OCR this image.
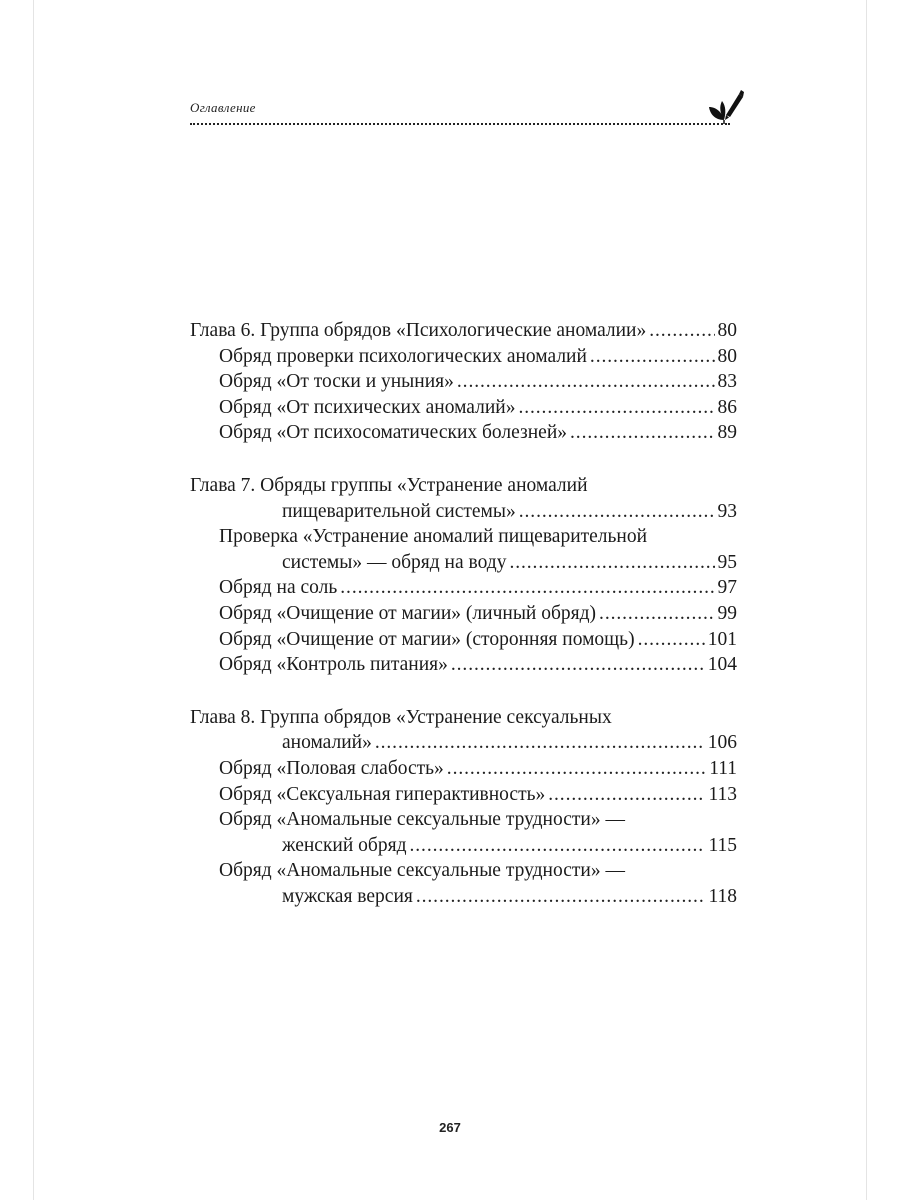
Оглавление
Глава 6. Группа обрядов «Психологические аномалии» .....	80
Обряд проверки психологических аномалий .....	80
Обряд «От тоски и уныния» .....	83
Обряд «От психических аномалий» .....	86
Обряд «От психосоматических болезней» .....	89
Глава 7. Обряды группы «Устранение аномалий
пищеварительной системы» .....	93
Проверка «Устранение аномалий пищеварительной
системы» — обряд на воду .....	95
Обряд на соль .....	97
Обряд «Очищение от магии» (личный обряд) .....	99
Обряд «Очищение от магии» (сторонняя помощь) .....	101
Обряд «Контроль питания» .....	104
Глава 8. Группа обрядов «Устранение сексуальных
аномалий» .....	106
Обряд «Половая слабость» .....	111
Обряд «Сексуальная гиперактивность» .....	113
Обряд «Аномальные сексуальные трудности» —
женский обряд .....	115
Обряд «Аномальные сексуальные трудности» —
мужская версия .....	118
267
